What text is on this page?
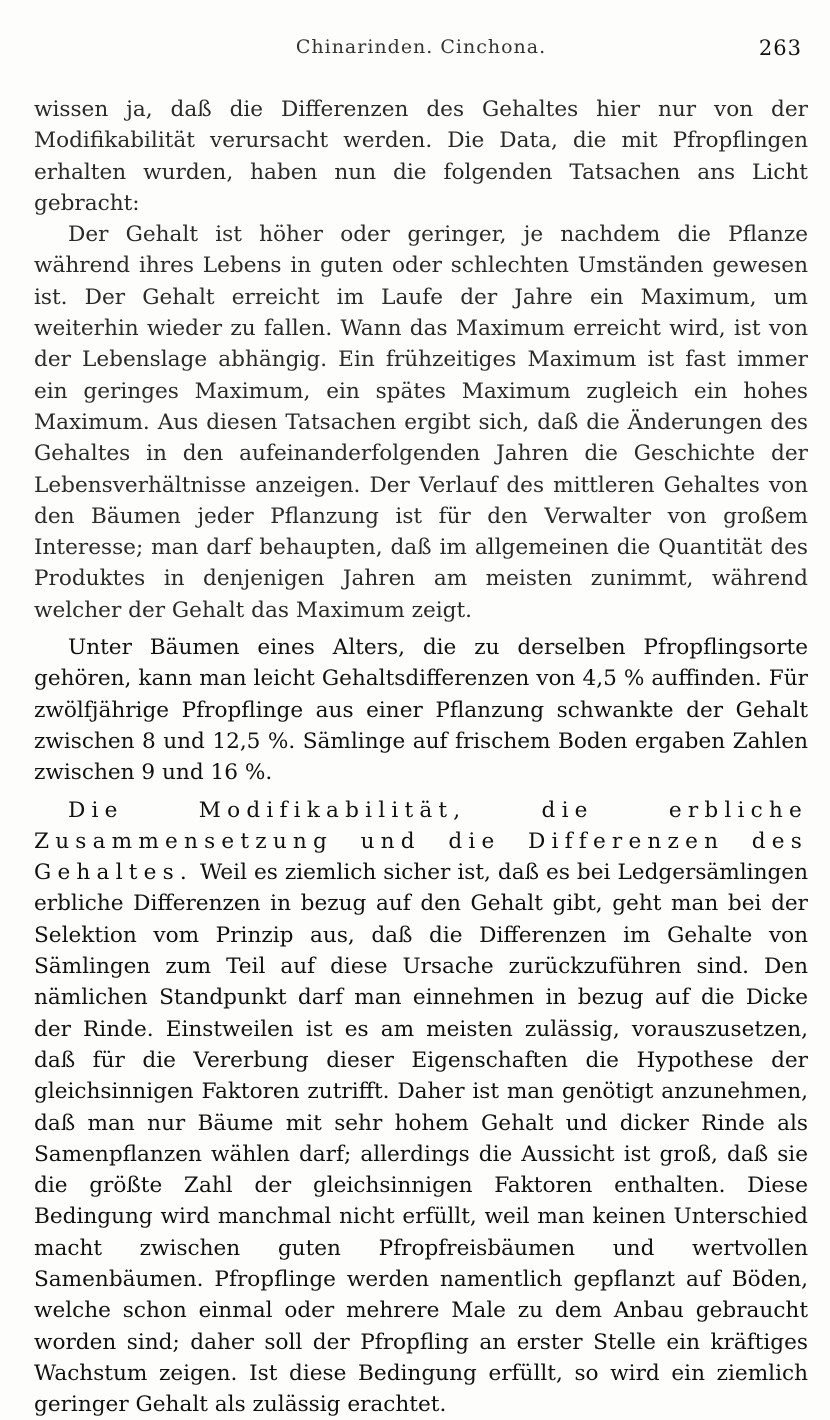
Chinarinden. Cinchona.	263

wissen ja, daß die Differenzen des Gehaltes hier nur von der Modifikabilität verursacht werden. Die Data, die mit Pfropflingen erhalten wurden, haben nun die folgenden Tatsachen ans Licht gebracht:

Der Gehalt ist höher oder geringer, je nachdem die Pflanze während ihres Lebens in guten oder schlechten Umständen gewesen ist. Der Gehalt erreicht im Laufe der Jahre ein Maximum, um weiterhin wieder zu fallen. Wann das Maximum erreicht wird, ist von der Lebenslage abhängig. Ein frühzeitiges Maximum ist fast immer ein geringes Maximum, ein spätes Maximum zugleich ein hohes Maximum. Aus diesen Tatsachen ergibt sich, daß die Änderungen des Gehaltes in den aufeinanderfolgenden Jahren die Geschichte der Lebensverhältnisse anzeigen. Der Verlauf des mittleren Gehaltes von den Bäumen jeder Pflanzung ist für den Verwalter von großem Interesse; man darf behaupten, daß im allgemeinen die Quantität des Produktes in denjenigen Jahren am meisten zunimmt, während welcher der Gehalt das Maximum zeigt.

Unter Bäumen eines Alters, die zu derselben Pfropflingsorte gehören, kann man leicht Gehaltsdifferenzen von 4,5 % auffinden. Für zwölfjährige Pfropflinge aus einer Pflanzung schwankte der Gehalt zwischen 8 und 12,5 %. Sämlinge auf frischem Boden ergaben Zahlen zwischen 9 und 16 %.

Die Modifikabilität, die erbliche Zusammensetzung und die Differenzen des Gehaltes. Weil es ziemlich sicher ist, daß es bei Ledgersämlingen erbliche Differenzen in bezug auf den Gehalt gibt, geht man bei der Selektion vom Prinzip aus, daß die Differenzen im Gehalte von Sämlingen zum Teil auf diese Ursache zurückzuführen sind. Den nämlichen Standpunkt darf man einnehmen in bezug auf die Dicke der Rinde. Einstweilen ist es am meisten zulässig, vorauszusetzen, daß für die Vererbung dieser Eigenschaften die Hypothese der gleichsinnigen Faktoren zutrifft. Daher ist man genötigt anzunehmen, daß man nur Bäume mit sehr hohem Gehalt und dicker Rinde als Samenpflanzen wählen darf; allerdings die Aussicht ist groß, daß sie die größte Zahl der gleichsinnigen Faktoren enthalten. Diese Bedingung wird manchmal nicht erfüllt, weil man keinen Unterschied macht zwischen guten Pfropfreisbäumen und wertvollen Samenbäumen. Pfropflinge werden namentlich gepflanzt auf Böden, welche schon einmal oder mehrere Male zu dem Anbau gebraucht worden sind; daher soll der Pfropfling an erster Stelle ein kräftiges Wachstum zeigen. Ist diese Bedingung erfüllt, so wird ein ziemlich geringer Gehalt als zulässig erachtet.
